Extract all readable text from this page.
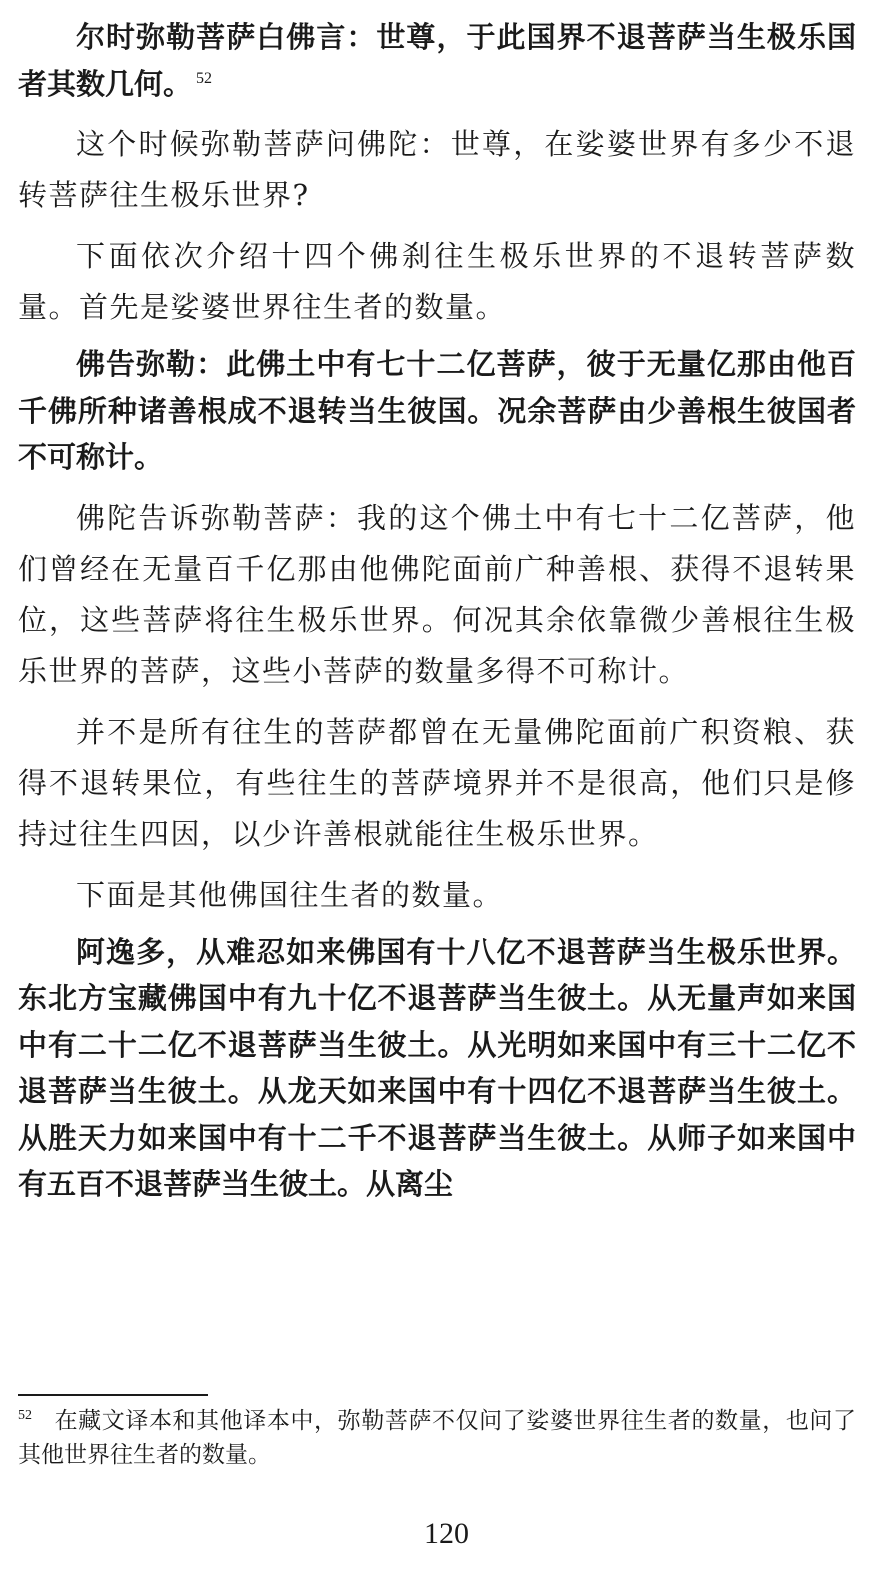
尔时弥勒菩萨白佛言：世尊，于此国界不退菩萨当生极乐国者其数几何。 $^{52}$

这个时候弥勒菩萨问佛陀：世尊，在娑婆世界有多少不退转菩萨往生极乐世界?

下面依次介绍十四个佛刹往生极乐世界的不退转菩萨数量。首先是娑婆世界往生者的数量。

佛告弥勒：此佛土中有七十二亿菩萨，彼于无量亿那由他百千佛所种诸善根成不退转当生彼国。况余菩萨由少善根生彼国者不可称计。

佛陀告诉弥勒菩萨：我的这个佛土中有七十二亿菩萨，他们曾经在无量百千亿那由他佛陀面前广种善根、获得不退转果位，这些菩萨将往生极乐世界。何况其余依靠微少善根往生极乐世界的菩萨，这些小菩萨的数量多得不可称计。

并不是所有往生的菩萨都曾在无量佛陀面前广积资粮、获得不退转果位，有些往生的菩萨境界并不是很高，他们只是修持过往生四因，以少许善根就能往生极乐世界。

下面是其他佛国往生者的数量。

阿逸多，从难忍如来佛国有十八亿不退菩萨当生极乐世界。东北方宝藏佛国中有九十亿不退菩萨当生彼土。从无量声如来国中有二十二亿不退菩萨当生彼土。从光明如来国中有三十二亿不退菩萨当生彼土。从龙天如来国中有十四亿不退菩萨当生彼土。从胜天力如来国中有十二千不退菩萨当生彼土。从师子如来国中有五百不退菩萨当生彼土。从离尘

$^{52}$ 在藏文译本和其他译本中，弥勒菩萨不仅问了娑婆世界往生者的数量，也问了其他世界往生者的数量。

120
